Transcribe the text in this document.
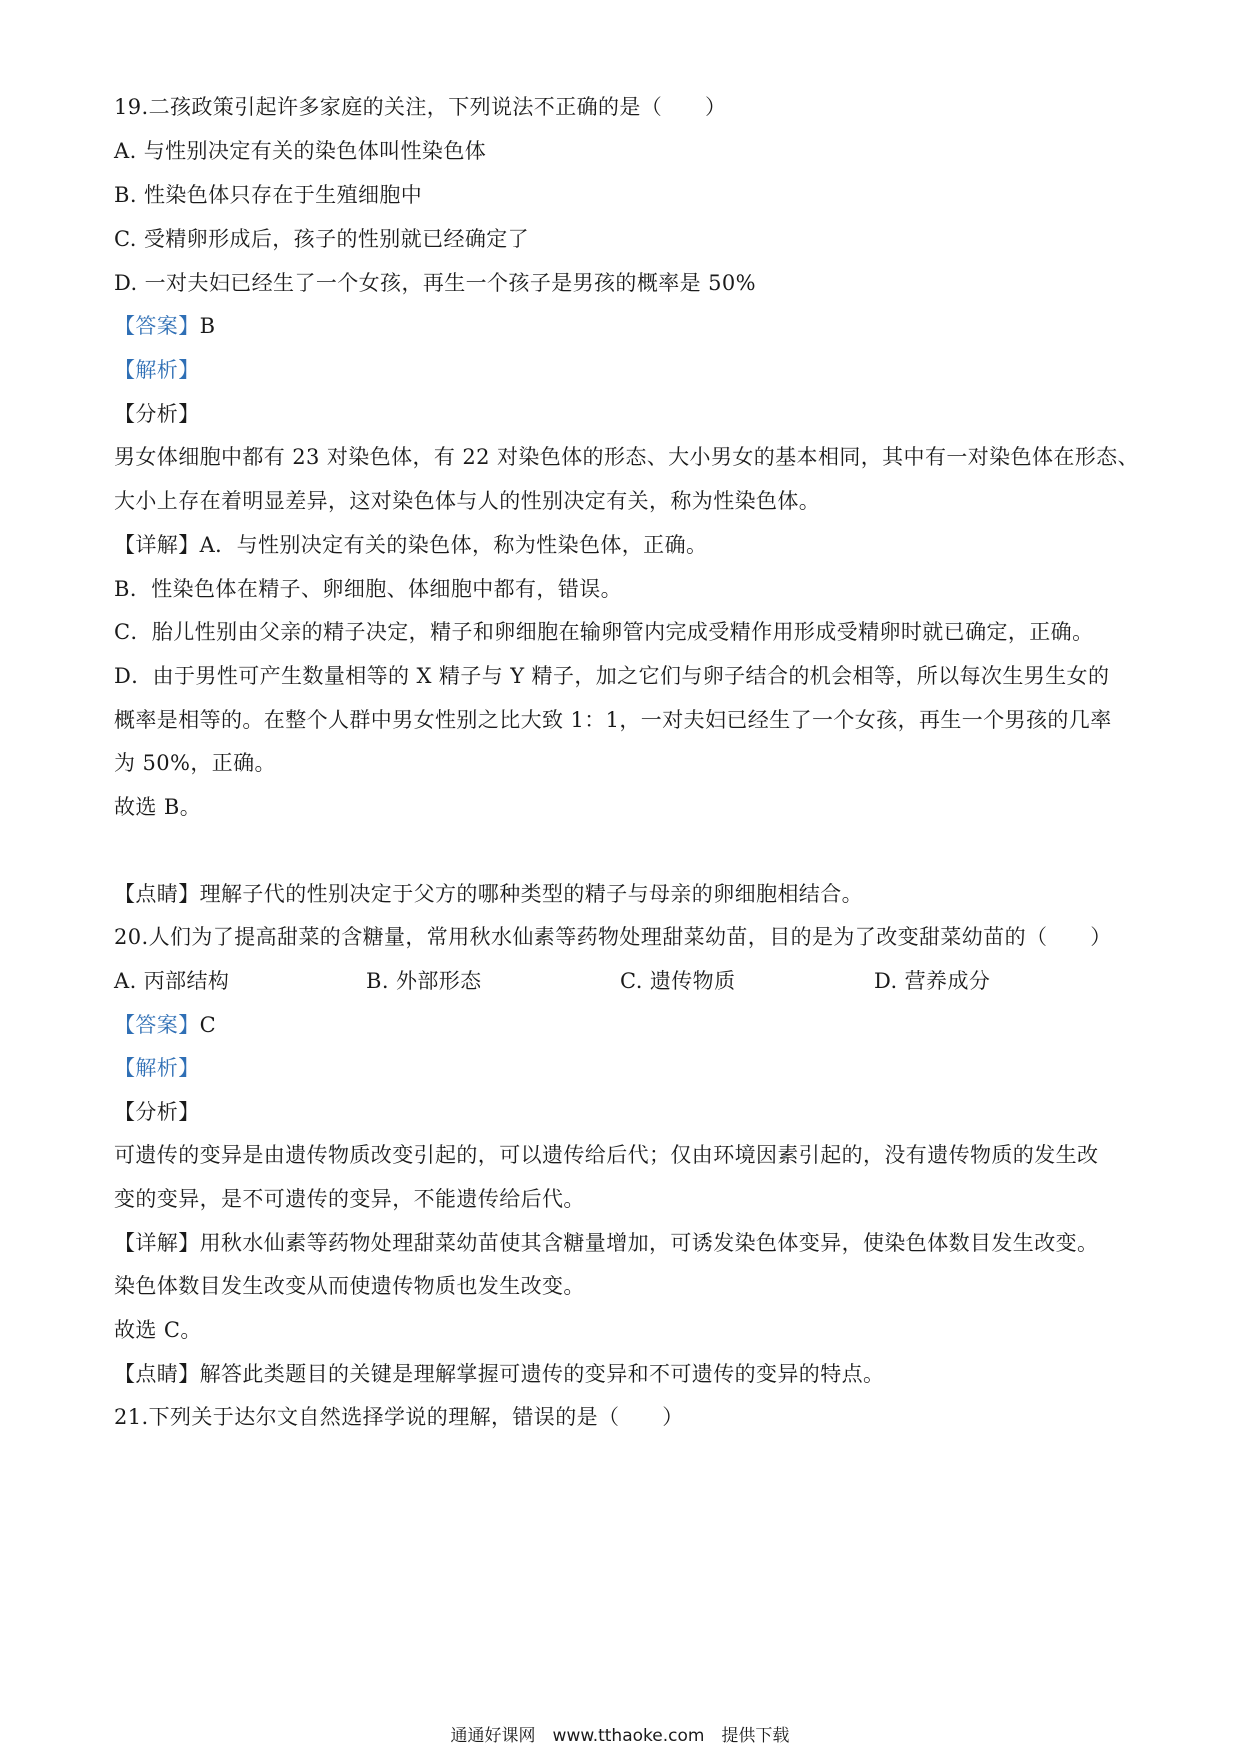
19.二孩政策引起许多家庭的关注，下列说法不正确的是（　　）
A. 与性别决定有关的染色体叫性染色体
B. 性染色体只存在于生殖细胞中
C. 受精卵形成后，孩子的性别就已经确定了
D. 一对夫妇已经生了一个女孩，再生一个孩子是男孩的概率是 50%
【答案】B
【解析】
【分析】
男女体细胞中都有 23 对染色体，有 22 对染色体的形态、大小男女的基本相同，其中有一对染色体在形态、
大小上存在着明显差异，这对染色体与人的性别决定有关，称为性染色体。
【详解】A．与性别决定有关的染色体，称为性染色体，正确。
B．性染色体在精子、卵细胞、体细胞中都有，错误。
C．胎儿性别由父亲的精子决定，精子和卵细胞在输卵管内完成受精作用形成受精卵时就已确定，正确。
D．由于男性可产生数量相等的 X 精子与 Y 精子，加之它们与卵子结合的机会相等，所以每次生男生女的
概率是相等的。在整个人群中男女性别之比大致 1：1，一对夫妇已经生了一个女孩，再生一个男孩的几率
为 50%，正确。
故选 B。
【点睛】理解子代的性别决定于父方的哪种类型的精子与母亲的卵细胞相结合。
20.人们为了提高甜菜的含糖量，常用秋水仙素等药物处理甜菜幼苗，目的是为了改变甜菜幼苗的（　　）
A. 丙部结构	B. 外部形态	C. 遗传物质	D. 营养成分
【答案】C
【解析】
【分析】
可遗传的变异是由遗传物质改变引起的，可以遗传给后代；仅由环境因素引起的，没有遗传物质的发生改
变的变异，是不可遗传的变异，不能遗传给后代。
【详解】用秋水仙素等药物处理甜菜幼苗使其含糖量增加，可诱发染色体变异，使染色体数目发生改变。
染色体数目发生改变从而使遗传物质也发生改变。
故选 C。
【点睛】解答此类题目的关键是理解掌握可遗传的变异和不可遗传的变异的特点。
21.下列关于达尔文自然选择学说的理解，错误的是（　　）
通通好课网　www.tthaoke.com　提供下载
